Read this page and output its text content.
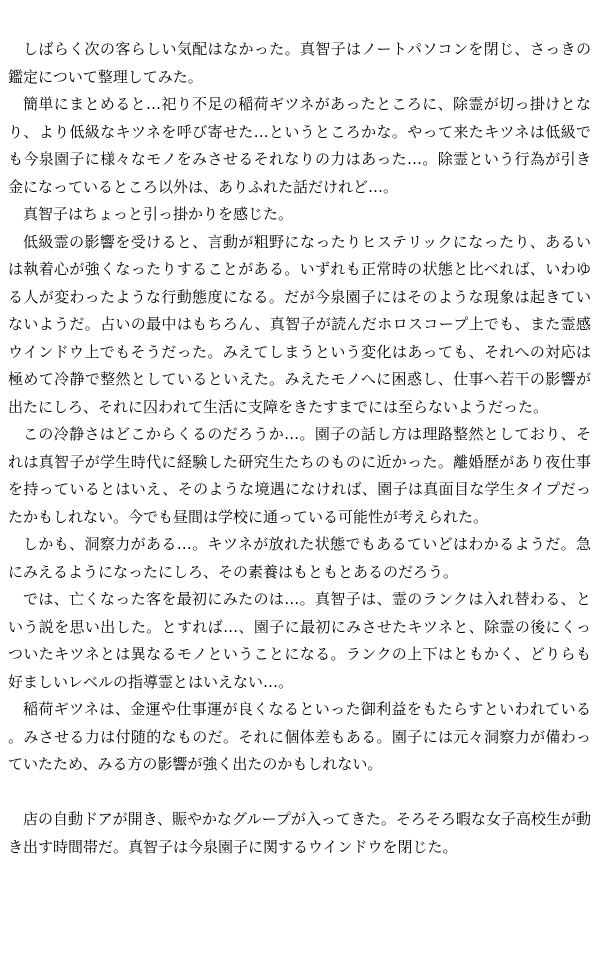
しばらく次の客らしい気配はなかった。真智子はノートパソコンを閉じ、さっきの鑑定について整理してみた。

簡単にまとめると…祀り不足の稲荷ギツネがあったところに、除霊が切っ掛けとなり、より低級なキツネを呼び寄せた…というところかな。やって来たキツネは低級でも今泉園子に様々なモノをみさせるそれなりの力はあった…。除霊という行為が引き金になっているところ以外は、ありふれた話だけれど…。

真智子はちょっと引っ掛かりを感じた。

低級霊の影響を受けると、言動が粗野になったりヒステリックになったり、あるいは執着心が強くなったりすることがある。いずれも正常時の状態と比べれば、いわゆる人が変わったような行動態度になる。だが今泉園子にはそのような現象は起きていないようだ。占いの最中はもちろん、真智子が読んだホロスコープ上でも、また霊感ウインドウ上でもそうだった。みえてしまうという変化はあっても、それへの対応は極めて冷静で整然としているといえた。みえたモノへに困惑し、仕事へ若干の影響が出たにしろ、それに囚われて生活に支障をきたすまでには至らないようだった。

この冷静さはどこからくるのだろうか…。園子の話し方は理路整然としており、それは真智子が学生時代に経験した研究生たちのものに近かった。離婚歴があり夜仕事を持っているとはいえ、そのような境遇になければ、園子は真面目な学生タイプだったかもしれない。今でも昼間は学校に通っている可能性が考えられた。

しかも、洞察力がある…。キツネが放れた状態でもあるていどはわかるようだ。急にみえるようになったにしろ、その素養はもともとあるのだろう。

では、亡くなった客を最初にみたのは…。真智子は、霊のランクは入れ替わる、という説を思い出した。とすれば…、園子に最初にみさせたキツネと、除霊の後にくっついたキツネとは異なるモノということになる。ランクの上下はともかく、どりらも好ましいレベルの指導霊とはいえない…。

稲荷ギツネは、金運や仕事運が良くなるといった御利益をもたらすといわれている。みさせる力は付随的なものだ。それに個体差もある。園子には元々洞察力が備わっていたため、みる方の影響が強く出たのかもしれない。

店の自動ドアが開き、賑やかなグループが入ってきた。そろそろ暇な女子高校生が動き出す時間帯だ。真智子は今泉園子に関するウインドウを閉じた。
